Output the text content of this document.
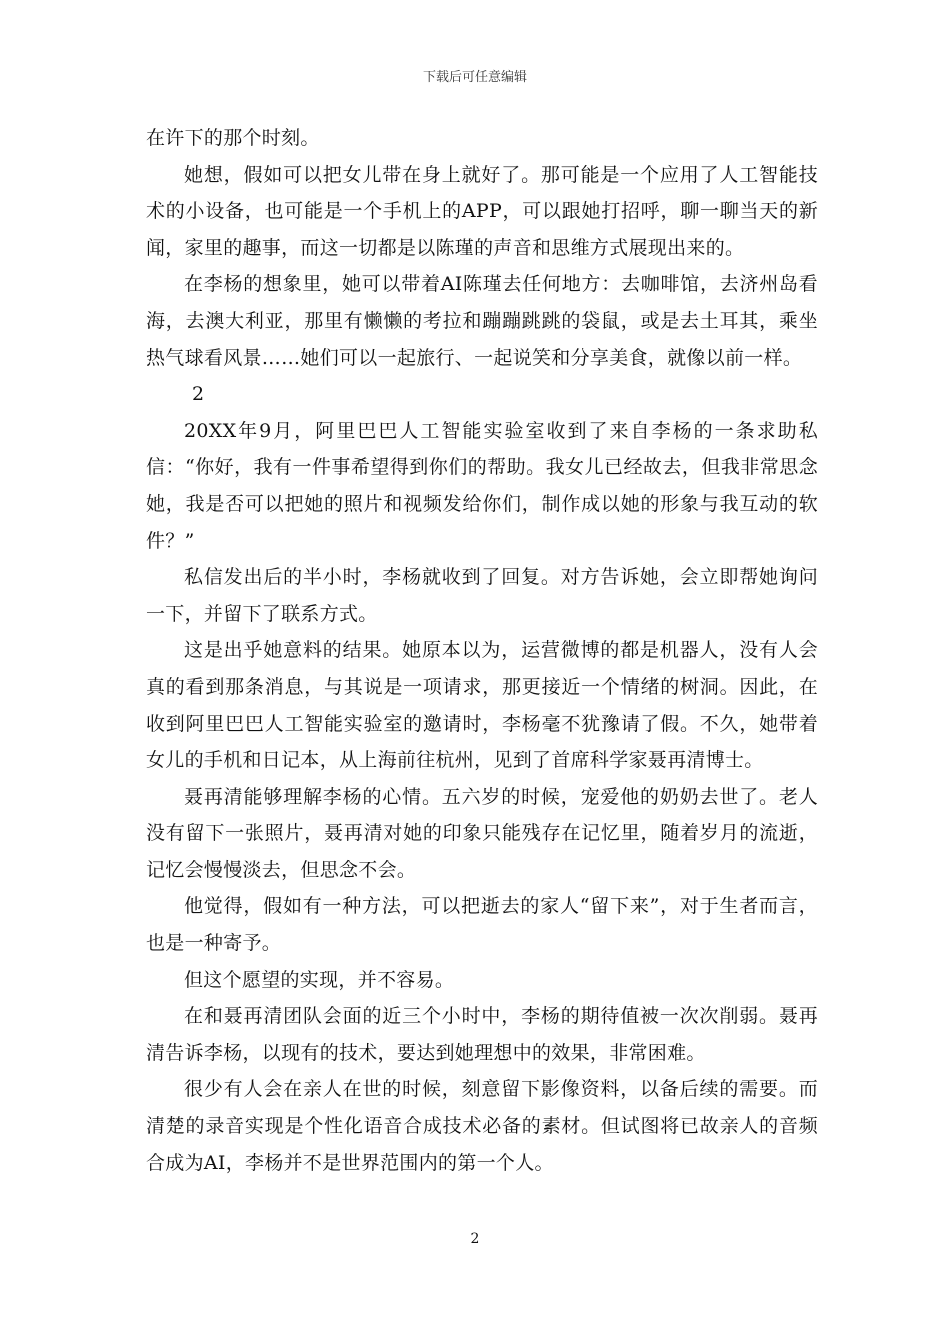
下载后可任意编辑

在许下的那个时刻。

她想，假如可以把女儿带在身上就好了。那可能是一个应用了人工智能技术的小设备，也可能是一个手机上的APP，可以跟她打招呼，聊一聊当天的新闻，家里的趣事，而这一切都是以陈瑾的声音和思维方式展现出来的。

在李杨的想象里，她可以带着AI陈瑾去任何地方：去咖啡馆，去济州岛看海，去澳大利亚，那里有懒懒的考拉和蹦蹦跳跳的袋鼠，或是去土耳其，乘坐热气球看风景……她们可以一起旅行、一起说笑和分享美食，就像以前一样。

2

20XX年9月，阿里巴巴人工智能实验室收到了来自李杨的一条求助私信：“你好，我有一件事希望得到你们的帮助。我女儿已经故去，但我非常思念她，我是否可以把她的照片和视频发给你们，制作成以她的形象与我互动的软件？”

私信发出后的半小时，李杨就收到了回复。对方告诉她，会立即帮她询问一下，并留下了联系方式。

这是出乎她意料的结果。她原本以为，运营微博的都是机器人，没有人会真的看到那条消息，与其说是一项请求，那更接近一个情绪的树洞。因此，在收到阿里巴巴人工智能实验室的邀请时，李杨毫不犹豫请了假。不久，她带着女儿的手机和日记本，从上海前往杭州，见到了首席科学家聂再清博士。

聂再清能够理解李杨的心情。五六岁的时候，宠爱他的奶奶去世了。老人没有留下一张照片，聂再清对她的印象只能残存在记忆里，随着岁月的流逝，记忆会慢慢淡去，但思念不会。

他觉得，假如有一种方法，可以把逝去的家人“留下来”，对于生者而言，也是一种寄予。

但这个愿望的实现，并不容易。

在和聂再清团队会面的近三个小时中，李杨的期待值被一次次削弱。聂再清告诉李杨，以现有的技术，要达到她理想中的效果，非常困难。

很少有人会在亲人在世的时候，刻意留下影像资料，以备后续的需要。而清楚的录音实现是个性化语音合成技术必备的素材。但试图将已故亲人的音频合成为AI，李杨并不是世界范围内的第一个人。

2
